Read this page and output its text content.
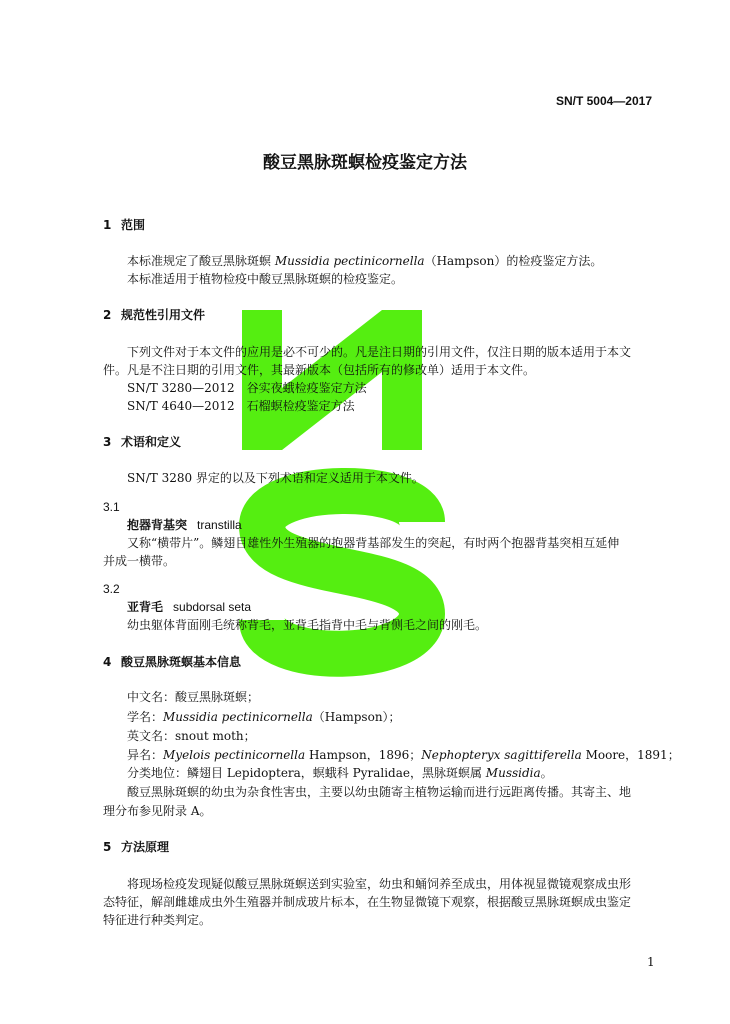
SN/T 5004—2017
酸豆黑脉斑螟检疫鉴定方法
1 范围
本标准规定了酸豆黑脉斑螟 Mussidia pectinicornella（Hampson）的检疫鉴定方法。
本标准适用于植物检疫中酸豆黑脉斑螟的检疫鉴定。
2 规范性引用文件
下列文件对于本文件的应用是必不可少的。凡是注日期的引用文件，仅注日期的版本适用于本文
件。凡是不注日期的引用文件，其最新版本（包括所有的修改单）适用于本文件。
SN/T 3280—2012　谷实夜蛾检疫鉴定方法
SN/T 4640—2012　石榴螟检疫鉴定方法
3 术语和定义
SN/T 3280 界定的以及下列术语和定义适用于本文件。
3.1
抱器背基突 transtilla
又称“横带片”。鳞翅目雄性外生殖器的抱器背基部发生的突起，有时两个抱器背基突相互延伸
并成一横带。
3.2
亚背毛 subdorsal seta
幼虫躯体背面刚毛统称背毛，亚背毛指背中毛与背侧毛之间的刚毛。
4 酸豆黑脉斑螟基本信息
中文名：酸豆黑脉斑螟；
学名：Mussidia pectinicornella（Hampson）；
英文名：snout moth；
异名：Myelois pectinicornella Hampson，1896；Nephopteryx sagittiferella Moore，1891；
分类地位：鳞翅目 Lepidoptera，螟蛾科 Pyralidae，黑脉斑螟属 Mussidia。
酸豆黑脉斑螟的幼虫为杂食性害虫，主要以幼虫随寄主植物运输而进行远距离传播。其寄主、地
理分布参见附录 A。
5 方法原理
将现场检疫发现疑似酸豆黑脉斑螟送到实验室，幼虫和蛹饲养至成虫，用体视显微镜观察成虫形
态特征，解剖雌雄成虫外生殖器并制成玻片标本，在生物显微镜下观察，根据酸豆黑脉斑螟成虫鉴定
特征进行种类判定。
1
